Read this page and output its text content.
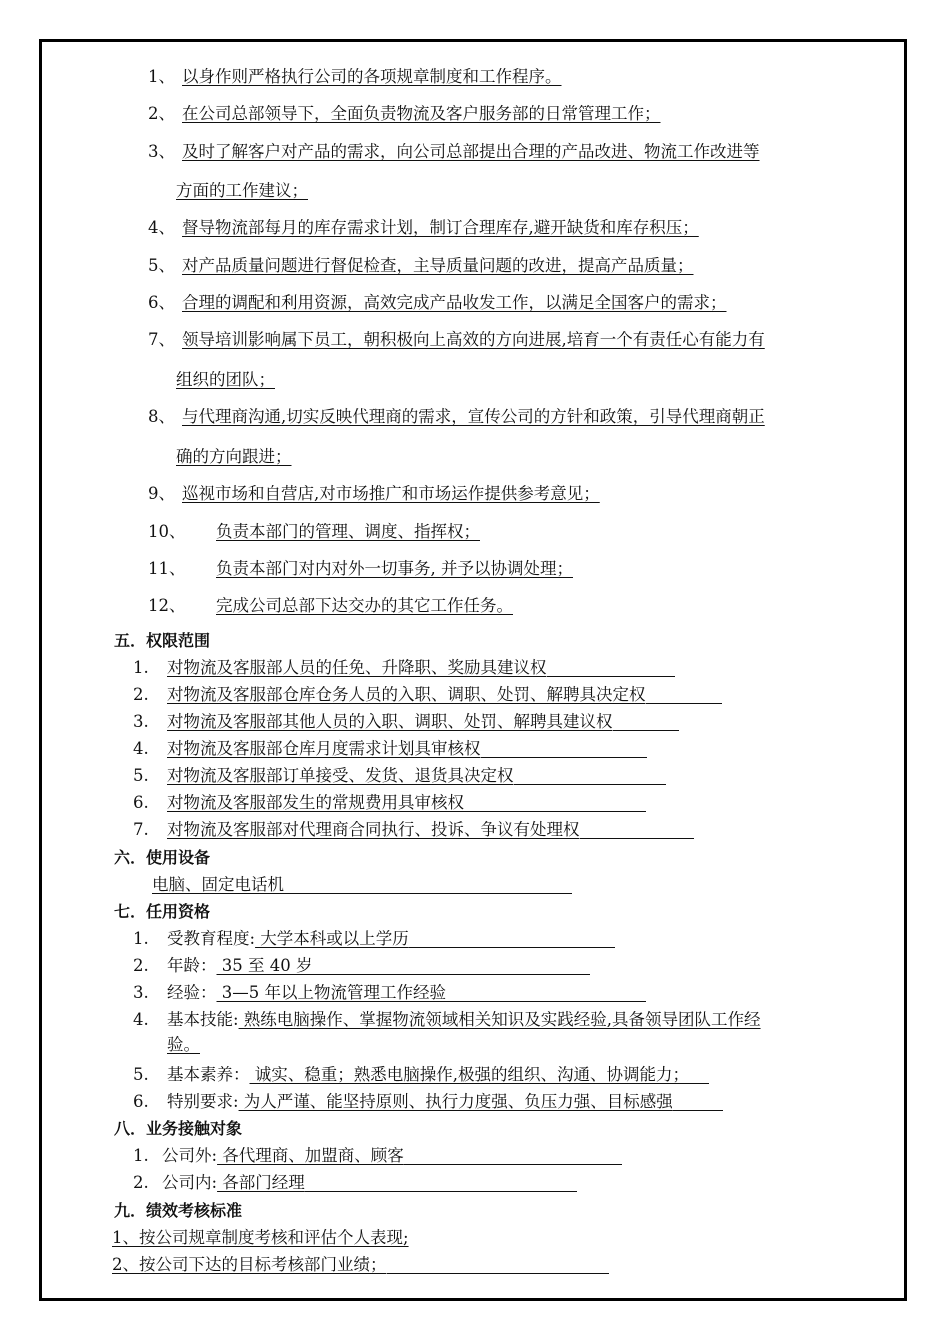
1、 以身作则严格执行公司的各项规章制度和工作程序。
2、 在公司总部领导下，全面负责物流及客户服务部的日常管理工作；
3、 及时了解客户对产品的需求，向公司总部提出合理的产品改进、物流工作改进等
方面的工作建议；
4、 督导物流部每月的库存需求计划，制订合理库存,避开缺货和库存积压；
5、 对产品质量问题进行督促检查，主导质量问题的改进，提高产品质量；
6、 合理的调配和利用资源，高效完成产品收发工作，以满足全国客户的需求；
7、 领导培训影响属下员工，朝积极向上高效的方向进展,培育一个有责任心有能力有
组织的团队；
8、 与代理商沟通,切实反映代理商的需求，宣传公司的方针和政策，引导代理商朝正
确的方向跟进；
9、 巡视市场和自营店,对市场推广和市场运作提供参考意见；
10、 负责本部门的管理、调度、指挥权；
11、 负责本部门对内对外一切事务, 并予以协调处理；
12、 完成公司总部下达交办的其它工作任务。
五．权限范围
1. 对物流及客服部人员的任免、升降职、奖励具建议权
2. 对物流及客服部仓库仓务人员的入职、调职、处罚、解聘具决定权
3. 对物流及客服部其他人员的入职、调职、处罚、解聘具建议权
4. 对物流及客服部仓库月度需求计划具审核权
5. 对物流及客服部订单接受、发货、退货具决定权
6. 对物流及客服部发生的常规费用具审核权
7. 对物流及客服部对代理商合同执行、投诉、争议有处理权
六．使用设备
电脑、固定电话机
七．任用资格
1. 受教育程度: 大学本科或以上学历
2. 年龄： 35 至 40 岁
3. 经验： 3—5 年以上物流管理工作经验
4. 基本技能: 熟练电脑操作、掌握物流领域相关知识及实践经验,具备领导团队工作经
验。
5. 基本素养： 诚实、稳重；熟悉电脑操作,极强的组织、沟通、协调能力；
6. 特别要求: 为人严谨、能坚持原则、执行力度强、负压力强、目标感强
八．业务接触对象
1. 公司外: 各代理商、加盟商、顾客
2. 公司内: 各部门经理
九．绩效考核标准
1、按公司规章制度考核和评估个人表现;
2、按公司下达的目标考核部门业绩；
